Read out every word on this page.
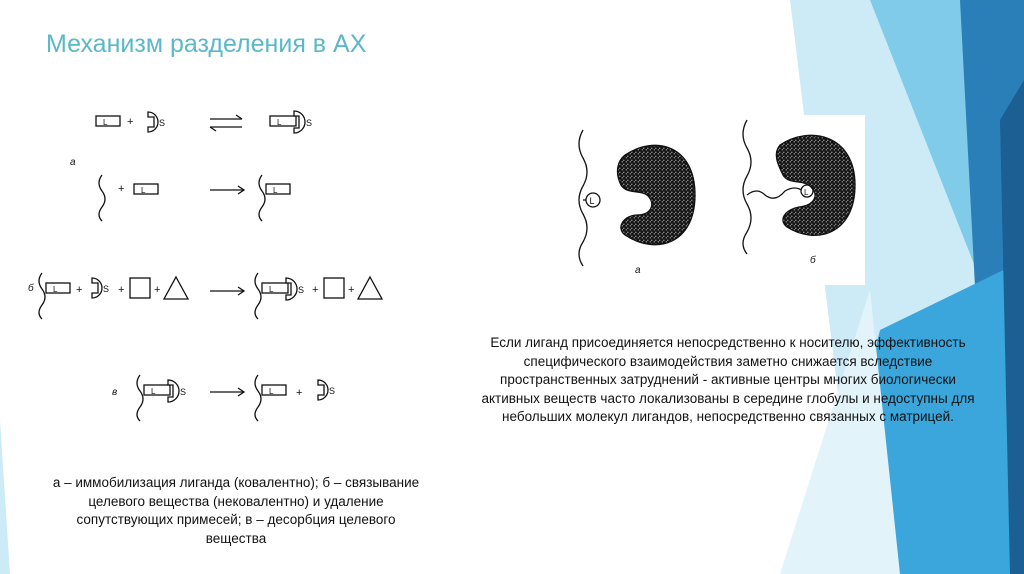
Механизм разделения в АХ
L +	S	L	S
а
+ L	L
б L + S +	+	L	S +	+
в	L	S	L +	S
L
а
L
б

Если лиганд присоединяется непосредственно к носителю, эффективность специфического взаимодействия заметно снижается вследствие пространственных затруднений - активные центры многих биологически активных веществ часто локализованы в середине глобулы и недоступны для небольших молекул лигандов, непосредственно связанных с матрицей.

а – иммобилизация лиганда (ковалентно); б – связывание целевого вещества (нековалентно) и удаление сопутствующих примесей; в – десорбция целевого вещества
